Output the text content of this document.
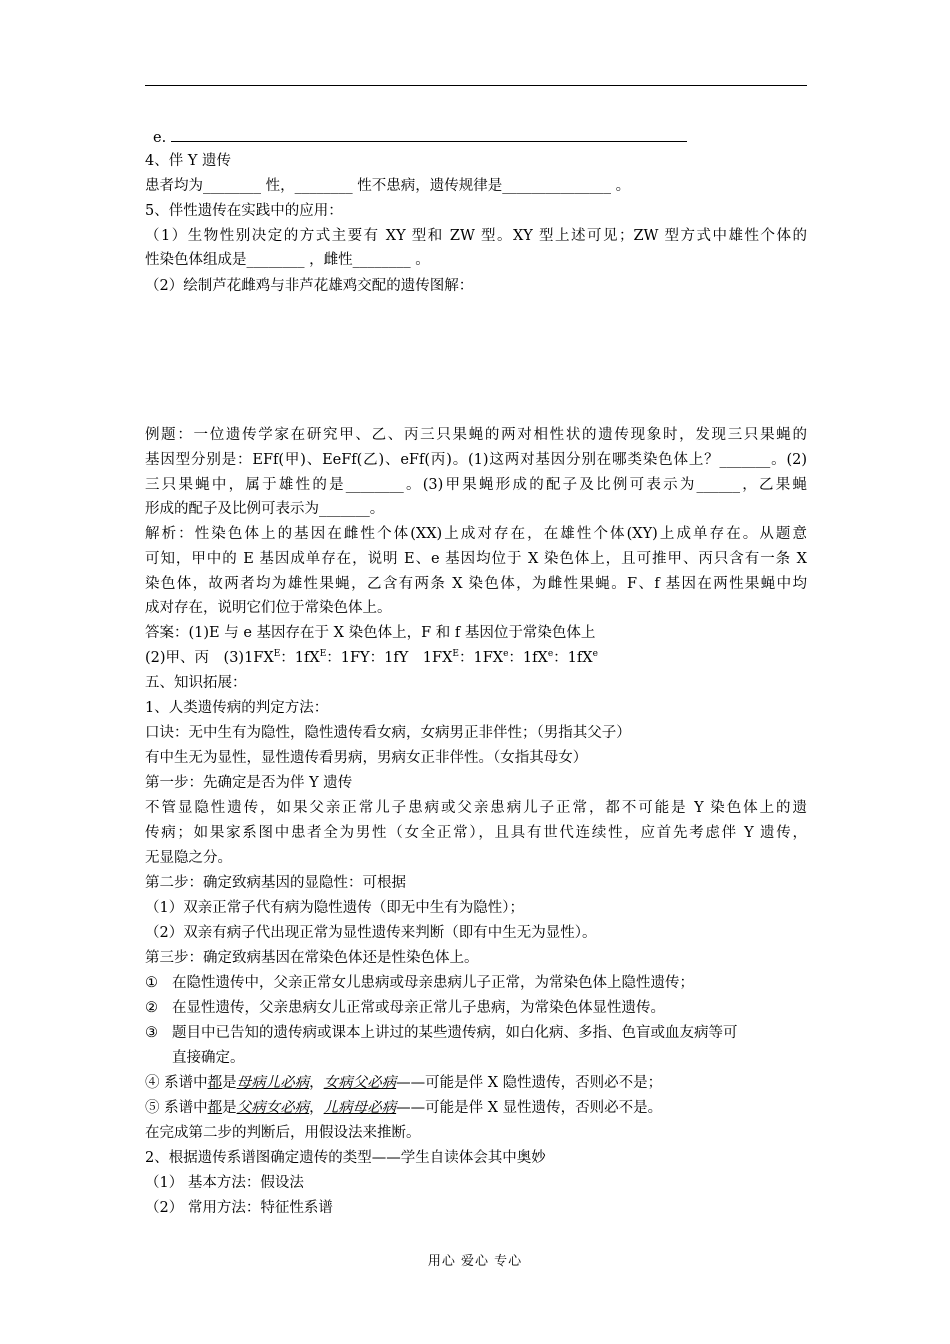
e.
4、伴 Y 遗传
患者均为________ 性，________ 性不患病，遗传规律是_______________ 。
5、伴性遗传在实践中的应用：
（1）生物性别决定的方式主要有 XY 型和 ZW 型。XY 型上述可见；ZW 型方式中雄性个体的
性染色体组成是________ ，雌性________ 。
（2）绘制芦花雌鸡与非芦花雄鸡交配的遗传图解：
例题：一位遗传学家在研究甲、乙、丙三只果蝇的两对相性状的遗传现象时，发现三只果蝇的
基因型分别是：EFf(甲)、EeFf(乙)、eFf(丙)。(1)这两对基因分别在哪类染色体上？_______。(2)
三只果蝇中，属于雄性的是________。(3)甲果蝇形成的配子及比例可表示为______，乙果蝇
形成的配子及比例可表示为_______。
解析：性染色体上的基因在雌性个体(XX)上成对存在，在雄性个体(XY)上成单存在。从题意
可知，甲中的 E 基因成单存在，说明 E、e 基因均位于 X 染色体上，且可推甲、丙只含有一条 X
染色体，故两者均为雄性果蝇，乙含有两条 X 染色体，为雌性果蝇。F、f 基因在两性果蝇中均
成对存在，说明它们位于常染色体上。
答案：(1)E 与 e 基因存在于 X 染色体上，F 和 f 基因位于常染色体上
(2)甲、丙　$(3)1FX^E$：$1fX^E$：1FY：1fY　$1FX^E$：$1FX^e$：$1fX^e$：$1fX^e$
五、知识拓展：
1、人类遗传病的判定方法：
口诀：无中生有为隐性，隐性遗传看女病，女病男正非伴性；（男指其父子）
有中生无为显性，显性遗传看男病，男病女正非伴性。（女指其母女）
第一步：先确定是否为伴 Y 遗传
不管显隐性遗传，如果父亲正常儿子患病或父亲患病儿子正常，都不可能是 Y 染色体上的遗
传病；如果家系图中患者全为男性（女全正常），且具有世代连续性，应首先考虑伴 Y 遗传，
无显隐之分。
第二步：确定致病基因的显隐性：可根据
（1）双亲正常子代有病为隐性遗传（即无中生有为隐性）；
（2）双亲有病子代出现正常为显性遗传来判断（即有中生无为显性）。
第三步：确定致病基因在常染色体还是性染色体上。
① 在隐性遗传中，父亲正常女儿患病或母亲患病儿子正常，为常染色体上隐性遗传；
② 在显性遗传，父亲患病女儿正常或母亲正常儿子患病，为常染色体显性遗传。
③ 题目中已告知的遗传病或课本上讲过的某些遗传病，如白化病、多指、色盲或血友病等可
直接确定。
④ 系谱中都是母病儿必病，女病父必病——可能是伴 X 隐性遗传，否则必不是；
⑤ 系谱中都是父病女必病，儿病母必病——可能是伴 X 显性遗传，否则必不是。
在完成第二步的判断后，用假设法来推断。
2、根据遗传系谱图确定遗传的类型——学生自读体会其中奥妙
（1） 基本方法：假设法
（2） 常用方法：特征性系谱
用心 爱心 专心
